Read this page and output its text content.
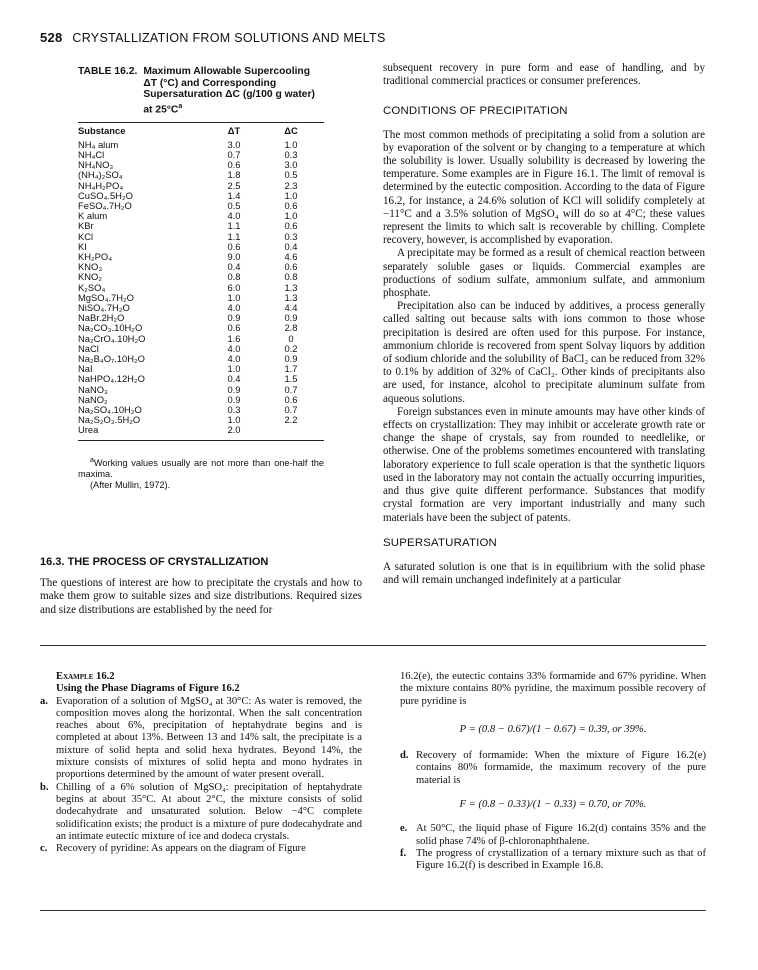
528 CRYSTALLIZATION FROM SOLUTIONS AND MELTS
TABLE 16.2. Maximum Allowable Supercooling ΔT (°C) and Corresponding Supersaturation ΔC (g/100 g water) at $25^\circ C^a$
Substance	ΔT	ΔC
NH₄ alum	3.0	1.0
NH₄Cl	0.7	0.3
NH₄NO₃	0.6	3.0
(NH₄)₂SO₄	1.8	0.5
NH₄H₂PO₄	2.5	2.3
CuSO₄.5H₂O	1.4	1.0
FeSO₄.7H₂O	0.5	0.6
K alum	4.0	1.0
KBr	1.1	0.6
KCl	1.1	0.3
KI	0.6	0.4
KH₂PO₄	9.0	4.6
KNO₃	0.4	0.6
KNO₂	0.8	0.8
K₂SO₄	6.0	1.3
MgSO₄.7H₂O	1.0	1.3
NiSO₄.7H₂O	4.0	4.4
NaBr.2H₂O	0.9	0.9
Na₂CO₃.10H₂O	0.6	2.8
Na₂CrO₄.10H₂O	1.6	0
NaCl	4.0	0.2
Na₂B₄O₇.10H₂O	4.0	0.9
NaI	1.0	1.7
NaHPO₄.12H₂O	0.4	1.5
NaNO₃	0.9	0.7
NaNO₂	0.9	0.6
Na₂SO₄.10H₂O	0.3	0.7
Na₂S₂O₃.5H₂O	1.0	2.2
Urea	2.0	
$^a$Working values usually are not more than one-half the maxima.
(After Mullin, 1972).
16.3. THE PROCESS OF CRYSTALLIZATION
The questions of interest are how to precipitate the crystals and how to make them grow to suitable sizes and size distributions. Required sizes and size distributions are established by the need for

subsequent recovery in pure form and ease of handling, and by traditional commercial practices or consumer preferences.

CONDITIONS OF PRECIPITATION

The most common methods of precipitating a solid from a solution are by evaporation of the solvent or by changing to a temperature at which the solubility is lower. Usually solubility is decreased by lowering the temperature. Some examples are in Figure 16.1. The limit of removal is determined by the eutectic composition. According to the data of Figure 16.2, for instance, a 24.6% solution of KCl will solidify completely at −11°C and a 3.5% solution of MgSO₄ will do so at 4°C; these values represent the limits to which salt is recoverable by chilling. Complete recovery, however, is accomplished by evaporation.

A precipitate may be formed as a result of chemical reaction between separately soluble gases or liquids. Commercial examples are productions of sodium sulfate, ammonium sulfate, and ammonium phosphate.

Precipitation also can be induced by additives, a process generally called salting out because salts with ions common to those whose precipitation is desired are often used for this purpose. For instance, ammonium chloride is recovered from spent Solvay liquors by addition of sodium chloride and the solubility of BaCl₂ can be reduced from 32% to 0.1% by addition of 32% of CaCl₂. Other kinds of precipitants also are used, for instance, alcohol to precipitate aluminum sulfate from aqueous solutions.

Foreign substances even in minute amounts may have other kinds of effects on crystallization: They may inhibit or accelerate growth rate or change the shape of crystals, say from rounded to needlelike, or otherwise. One of the problems sometimes encountered with translating laboratory experience to full scale operation is that the synthetic liquors used in the laboratory may not contain the actually occurring impurities, and thus give quite different performance. Substances that modify crystal formation are very important industrially and many such materials have been the subject of patents.

SUPERSATURATION

A saturated solution is one that is in equilibrium with the solid phase and will remain unchanged indefinitely at a particular

Example 16.2
Using the Phase Diagrams of Figure 16.2
a. Evaporation of a solution of MgSO₄ at 30°C: As water is removed, the composition moves along the horizontal. When the salt concentration reaches about 6%, precipitation of heptahydrate begins and is completed at about 13%. Between 13 and 14% salt, the precipitate is a mixture of solid hepta and solid hexa hydrates. Beyond 14%, the mixture consists of mixtures of solid hepta and mono hydrates in proportions determined by the amount of water present overall.
b. Chilling of a 6% solution of MgSO₄: precipitation of heptahydrate begins at about 35°C. At about 2°C, the mixture consists of solid dodecahydrate and unsaturated solution. Below −4°C complete solidification exists; the product is a mixture of pure dodecahydrate and an intimate eutectic mixture of ice and dodeca crystals.
c. Recovery of pyridine: As appears on the diagram of Figure
16.2(e), the eutectic contains 33% formamide and 67% pyridine. When the mixture contains 80% pyridine, the maximum possible recovery of pure pyridine is
P = (0.8 − 0.67)/(1 − 0.67) = 0.39, or 39%.
d. Recovery of formamide: When the mixture of Figure 16.2(e) contains 80% formamide, the maximum recovery of the pure material is
F = (0.8 − 0.33)/(1 − 0.33) = 0.70, or 70%.
e. At 50°C, the liquid phase of Figure 16.2(d) contains 35% and the solid phase 74% of β-chloronaphthalene.
f. The progress of crystallization of a ternary mixture such as that of Figure 16.2(f) is described in Example 16.8.
